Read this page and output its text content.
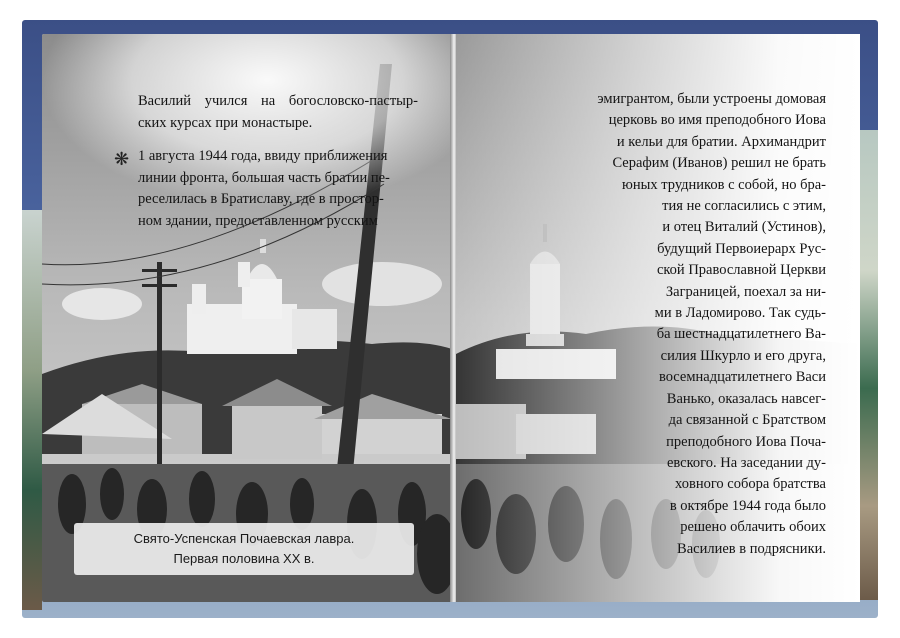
Василий учился на богословско-пастыр-
ских курсах при монастыре.

1 августа 1944 года, ввиду приближения
линии фронта, большая часть братии пе-
реселилась в Братиславу, где в простор-
ном здании, предоставленном русским

❋
эмигрантом, были устроены домовая
церковь во имя преподобного Иова
и кельи для братии. Архимандрит
Серафим (Иванов) решил не брать
юных трудников с собой, но бра-
тия не согласились с этим,
и отец Виталий (Устинов),
будущий Первоиерарх Рус-
ской Православной Церкви
Заграницей, поехал за ни-
ми в Ладомирово. Так судь-
ба шестнадцатилетнего Ва-
силия Шкурло и его друга,
восемнадцатилетнего Васи
Ванько, оказалась навсег-
да связанной с Братством
преподобного Иова Поча-
евского. На заседании ду-
ховного собора братства
в октябре 1944 года было
решено облачить обоих
Василиев в подрясники.
Свято-Успенская Почаевская лавра.
Первая половина XX в.
